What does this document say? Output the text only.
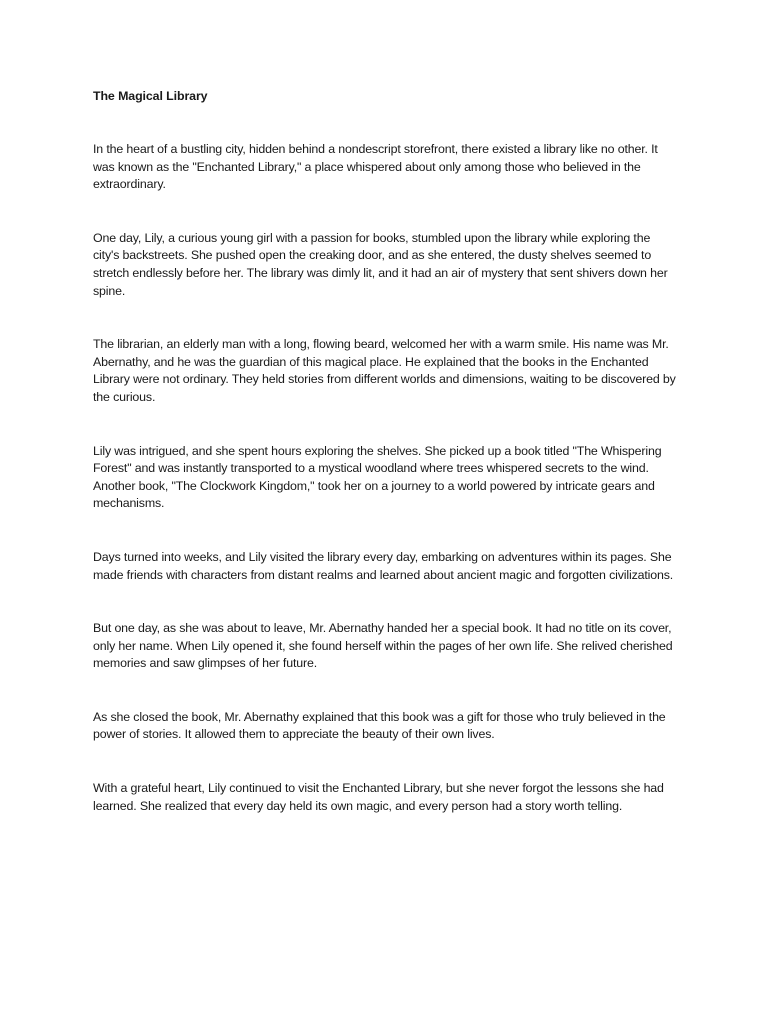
The Magical Library

In the heart of a bustling city, hidden behind a nondescript storefront, there existed a library like no other. It was known as the "Enchanted Library," a place whispered about only among those who believed in the extraordinary.

One day, Lily, a curious young girl with a passion for books, stumbled upon the library while exploring the city's backstreets. She pushed open the creaking door, and as she entered, the dusty shelves seemed to stretch endlessly before her. The library was dimly lit, and it had an air of mystery that sent shivers down her spine.

The librarian, an elderly man with a long, flowing beard, welcomed her with a warm smile. His name was Mr. Abernathy, and he was the guardian of this magical place. He explained that the books in the Enchanted Library were not ordinary. They held stories from different worlds and dimensions, waiting to be discovered by the curious.

Lily was intrigued, and she spent hours exploring the shelves. She picked up a book titled "The Whispering Forest" and was instantly transported to a mystical woodland where trees whispered secrets to the wind. Another book, "The Clockwork Kingdom," took her on a journey to a world powered by intricate gears and mechanisms.

Days turned into weeks, and Lily visited the library every day, embarking on adventures within its pages. She made friends with characters from distant realms and learned about ancient magic and forgotten civilizations.

But one day, as she was about to leave, Mr. Abernathy handed her a special book. It had no title on its cover, only her name. When Lily opened it, she found herself within the pages of her own life. She relived cherished memories and saw glimpses of her future.

As she closed the book, Mr. Abernathy explained that this book was a gift for those who truly believed in the power of stories. It allowed them to appreciate the beauty of their own lives.

With a grateful heart, Lily continued to visit the Enchanted Library, but she never forgot the lessons she had learned. She realized that every day held its own magic, and every person had a story worth telling.
